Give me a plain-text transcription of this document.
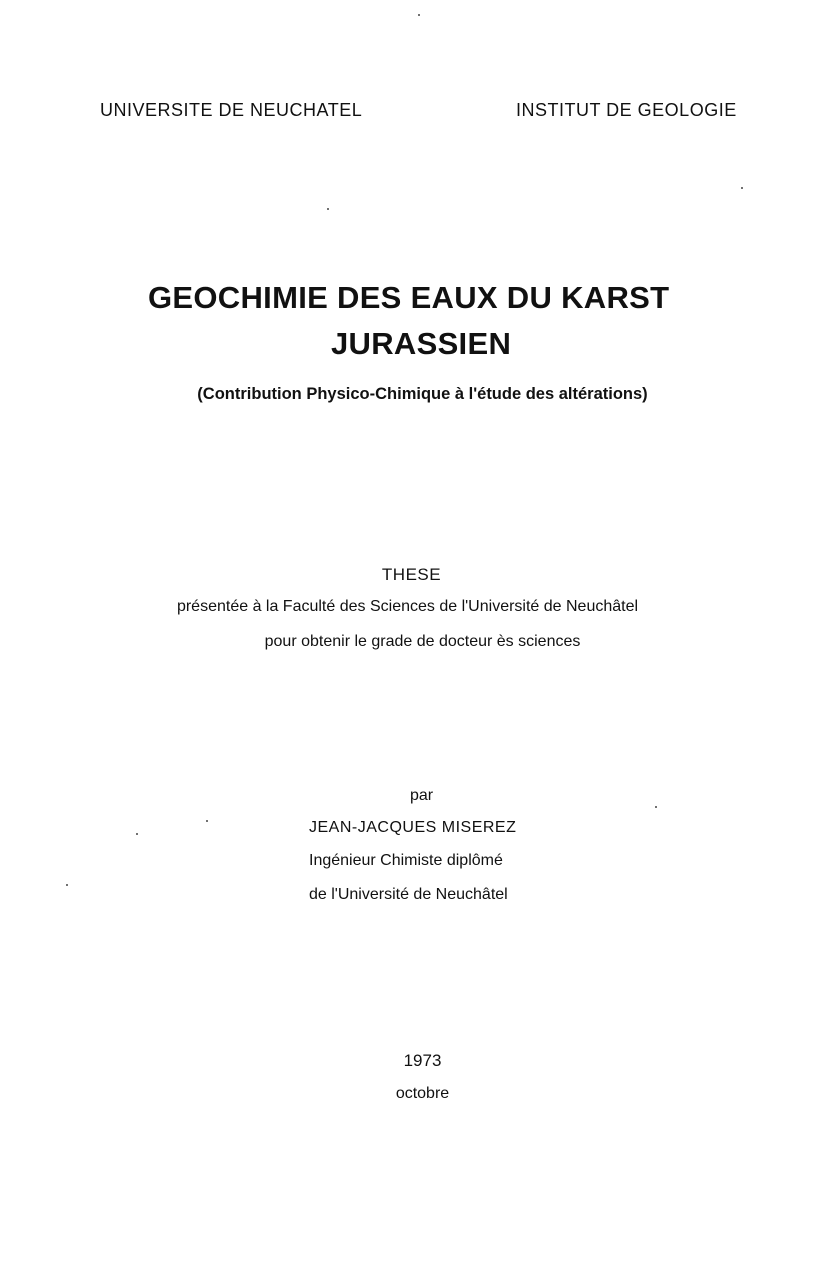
UNIVERSITE DE NEUCHATEL	INSTITUT DE GEOLOGIE
GEOCHIMIE DES EAUX DU KARST
JURASSIEN
(Contribution Physico-Chimique à l'étude des altérations)
THESE
présentée à la Faculté des Sciences de l'Université de Neuchâtel
pour obtenir le grade de docteur ès sciences
par
JEAN-JACQUES MISEREZ
Ingénieur Chimiste diplômé
de l'Université de Neuchâtel
1973
octobre
